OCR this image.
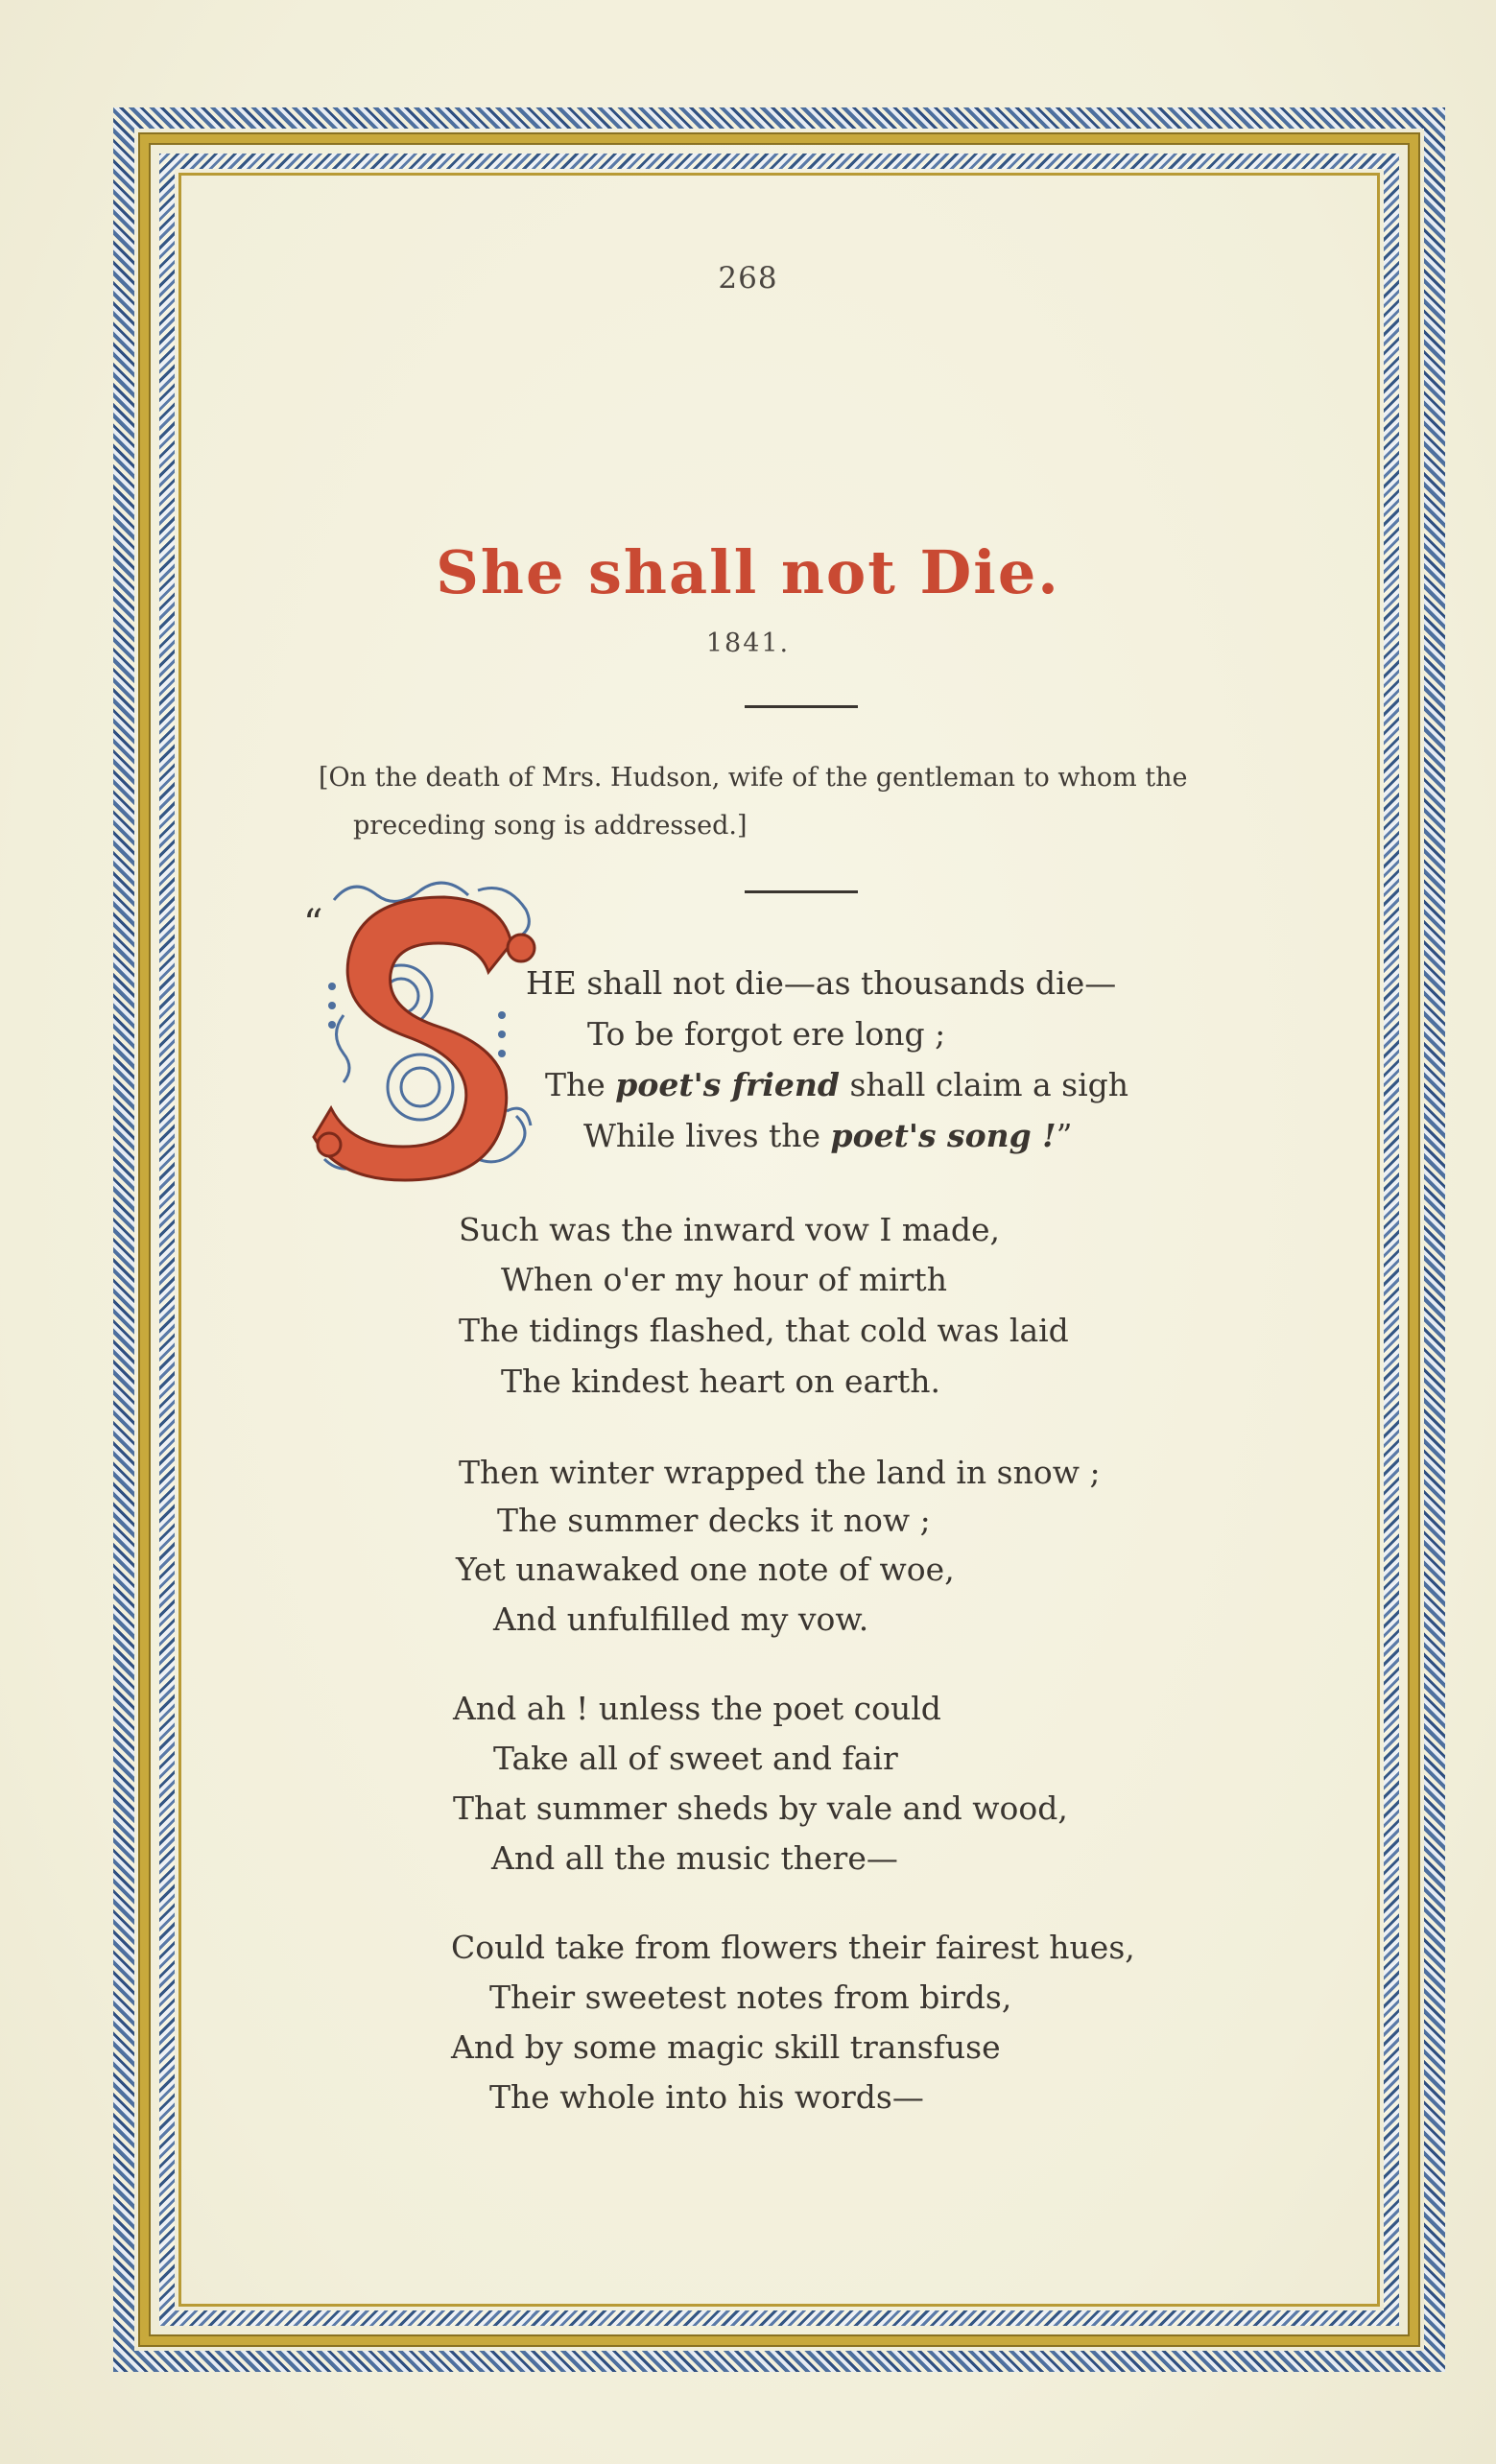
268
She shall not Die.
1841.
[On the death of Mrs. Hudson, wife of the gentleman to whom the
preceding song is addressed.]
“
HE shall not die—as thousands die—
To be forgot ere long ;
The poet's friend shall claim a sigh
While lives the poet's song !”
Such was the inward vow I made,
When o'er my hour of mirth
The tidings flashed, that cold was laid
The kindest heart on earth.
Then winter wrapped the land in snow ;
The summer decks it now ;
Yet unawaked one note of woe,
And unfulfilled my vow.
And ah ! unless the poet could
Take all of sweet and fair
That summer sheds by vale and wood,
And all the music there—
Could take from flowers their fairest hues,
Their sweetest notes from birds,
And by some magic skill transfuse
The whole into his words—
